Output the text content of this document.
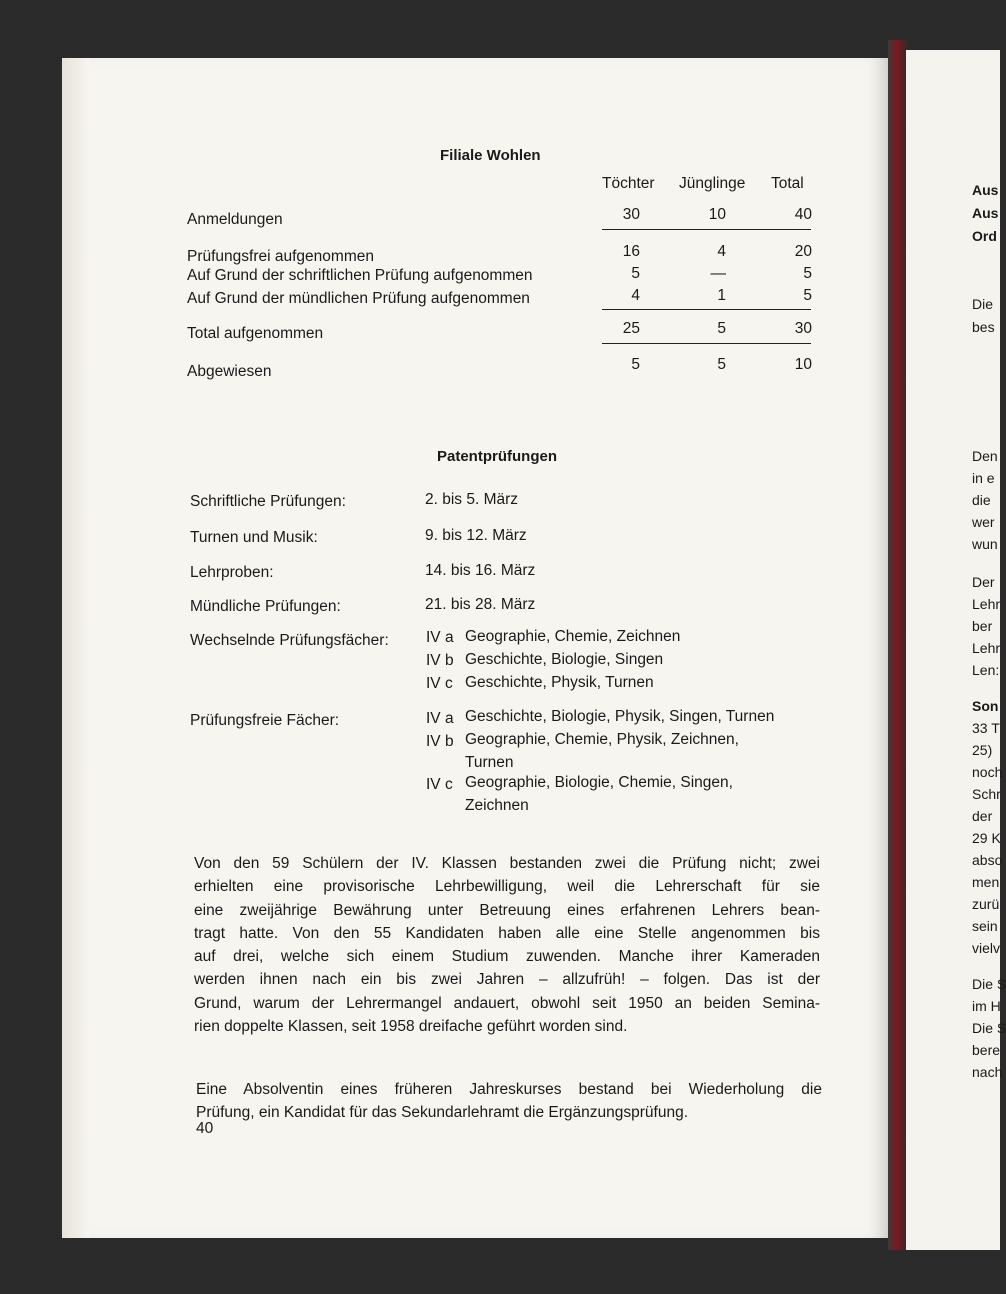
Aus
Aus
Ord
Die
bes
Den
in e
die
wer
wun
Der
Lehr
ber
Lehr
Len:
Son
33 T
25)
noch
Schr
der
29 K
abso
men
zurü
sein
vielv
Die S
im H
Die S
bere
nach
Filiale Wohlen
Töchter Jünglinge Total
Anmeldungen	30	10	40
Prüfungsfrei aufgenommen	16	4	20
Auf Grund der schriftlichen Prüfung aufgenommen	5	—	5
Auf Grund der mündlichen Prüfung aufgenommen	4	1	5
Total aufgenommen	25	5	30
Abgewiesen	5	5	10
Patentprüfungen
Schriftliche Prüfungen:	2. bis 5. März
Turnen und Musik:	9. bis 12. März
Lehrproben:	14. bis 16. März
Mündliche Prüfungen:	21. bis 28. März
Wechselnde Prüfungsfächer: IV a Geographie, Chemie, Zeichnen
IV b Geschichte, Biologie, Singen
IV c Geschichte, Physik, Turnen
Prüfungsfreie Fächer:	IV a Geschichte, Biologie, Physik, Singen, Turnen
IV b Geographie, Chemie, Physik, Zeichnen,
Turnen
IV c Geographie, Biologie, Chemie, Singen,
Zeichnen
Von den 59 Schülern der IV. Klassen bestanden zwei die Prüfung nicht; zwei
erhielten eine provisorische Lehrbewilligung, weil die Lehrerschaft für sie
eine zweijährige Bewährung unter Betreuung eines erfahrenen Lehrers bean-
tragt hatte. Von den 55 Kandidaten haben alle eine Stelle angenommen bis
auf drei, welche sich einem Studium zuwenden. Manche ihrer Kameraden
werden ihnen nach ein bis zwei Jahren – allzufrüh! – folgen. Das ist der
Grund, warum der Lehrermangel andauert, obwohl seit 1950 an beiden Semina-
rien doppelte Klassen, seit 1958 dreifache geführt worden sind.
Eine Absolventin eines früheren Jahreskurses bestand bei Wiederholung die
Prüfung, ein Kandidat für das Sekundarlehramt die Ergänzungsprüfung.
40
